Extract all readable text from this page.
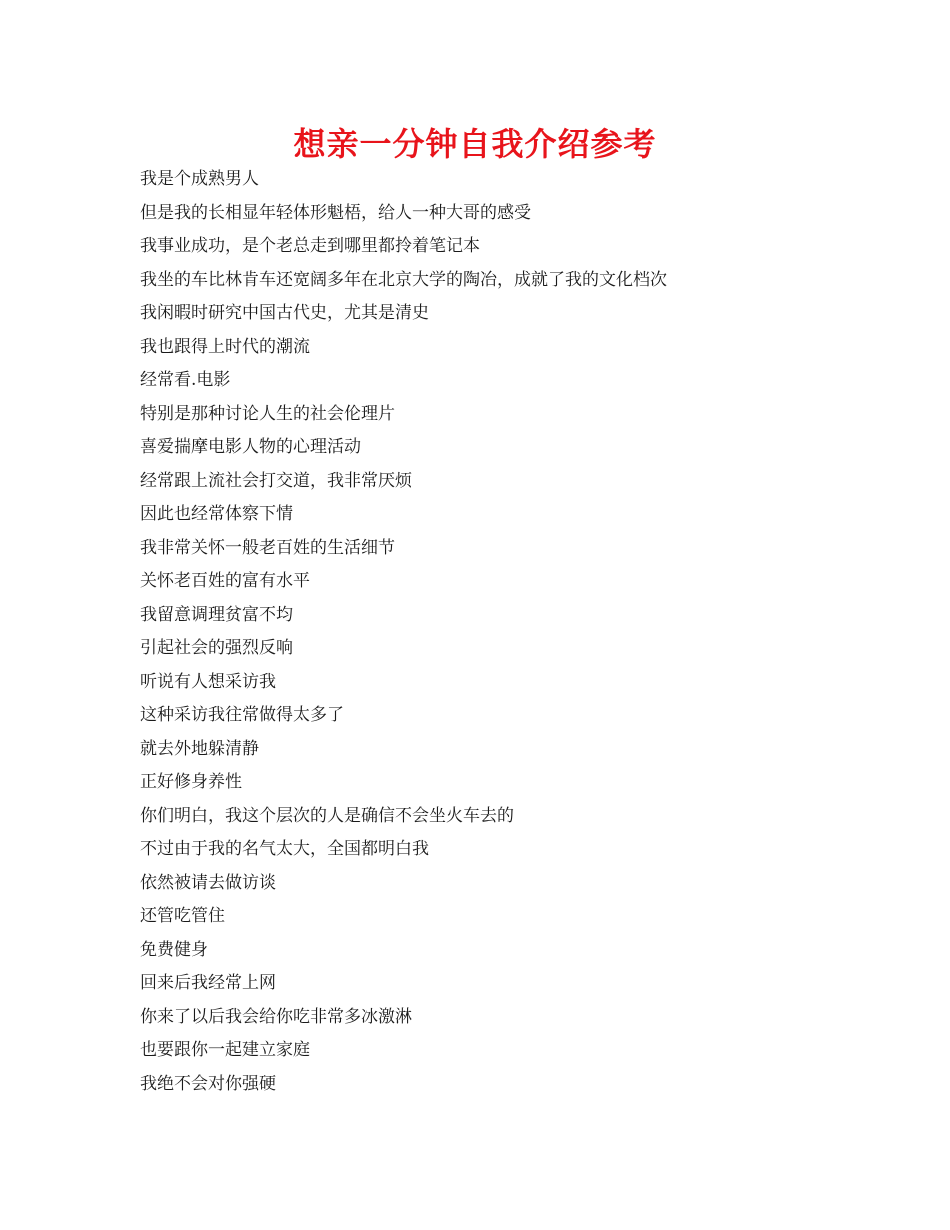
想亲一分钟自我介绍参考
我是个成熟男人
但是我的长相显年轻体形魁梧，给人一种大哥的感受
我事业成功，是个老总走到哪里都拎着笔记本
我坐的车比林肯车还宽阔多年在北京大学的陶冶，成就了我的文化档次
我闲暇时研究中国古代史，尤其是清史
我也跟得上时代的潮流
经常看.电影
特别是那种讨论人生的社会伦理片
喜爱揣摩电影人物的心理活动
经常跟上流社会打交道，我非常厌烦
因此也经常体察下情
我非常关怀一般老百姓的生活细节
关怀老百姓的富有水平
我留意调理贫富不均
引起社会的强烈反响
听说有人想采访我
这种采访我往常做得太多了
就去外地躲清静
正好修身养性
你们明白，我这个层次的人是确信不会坐火车去的
不过由于我的名气太大，全国都明白我
依然被请去做访谈
还管吃管住
免费健身
回来后我经常上网
你来了以后我会给你吃非常多冰激淋
也要跟你一起建立家庭
我绝不会对你强硬
